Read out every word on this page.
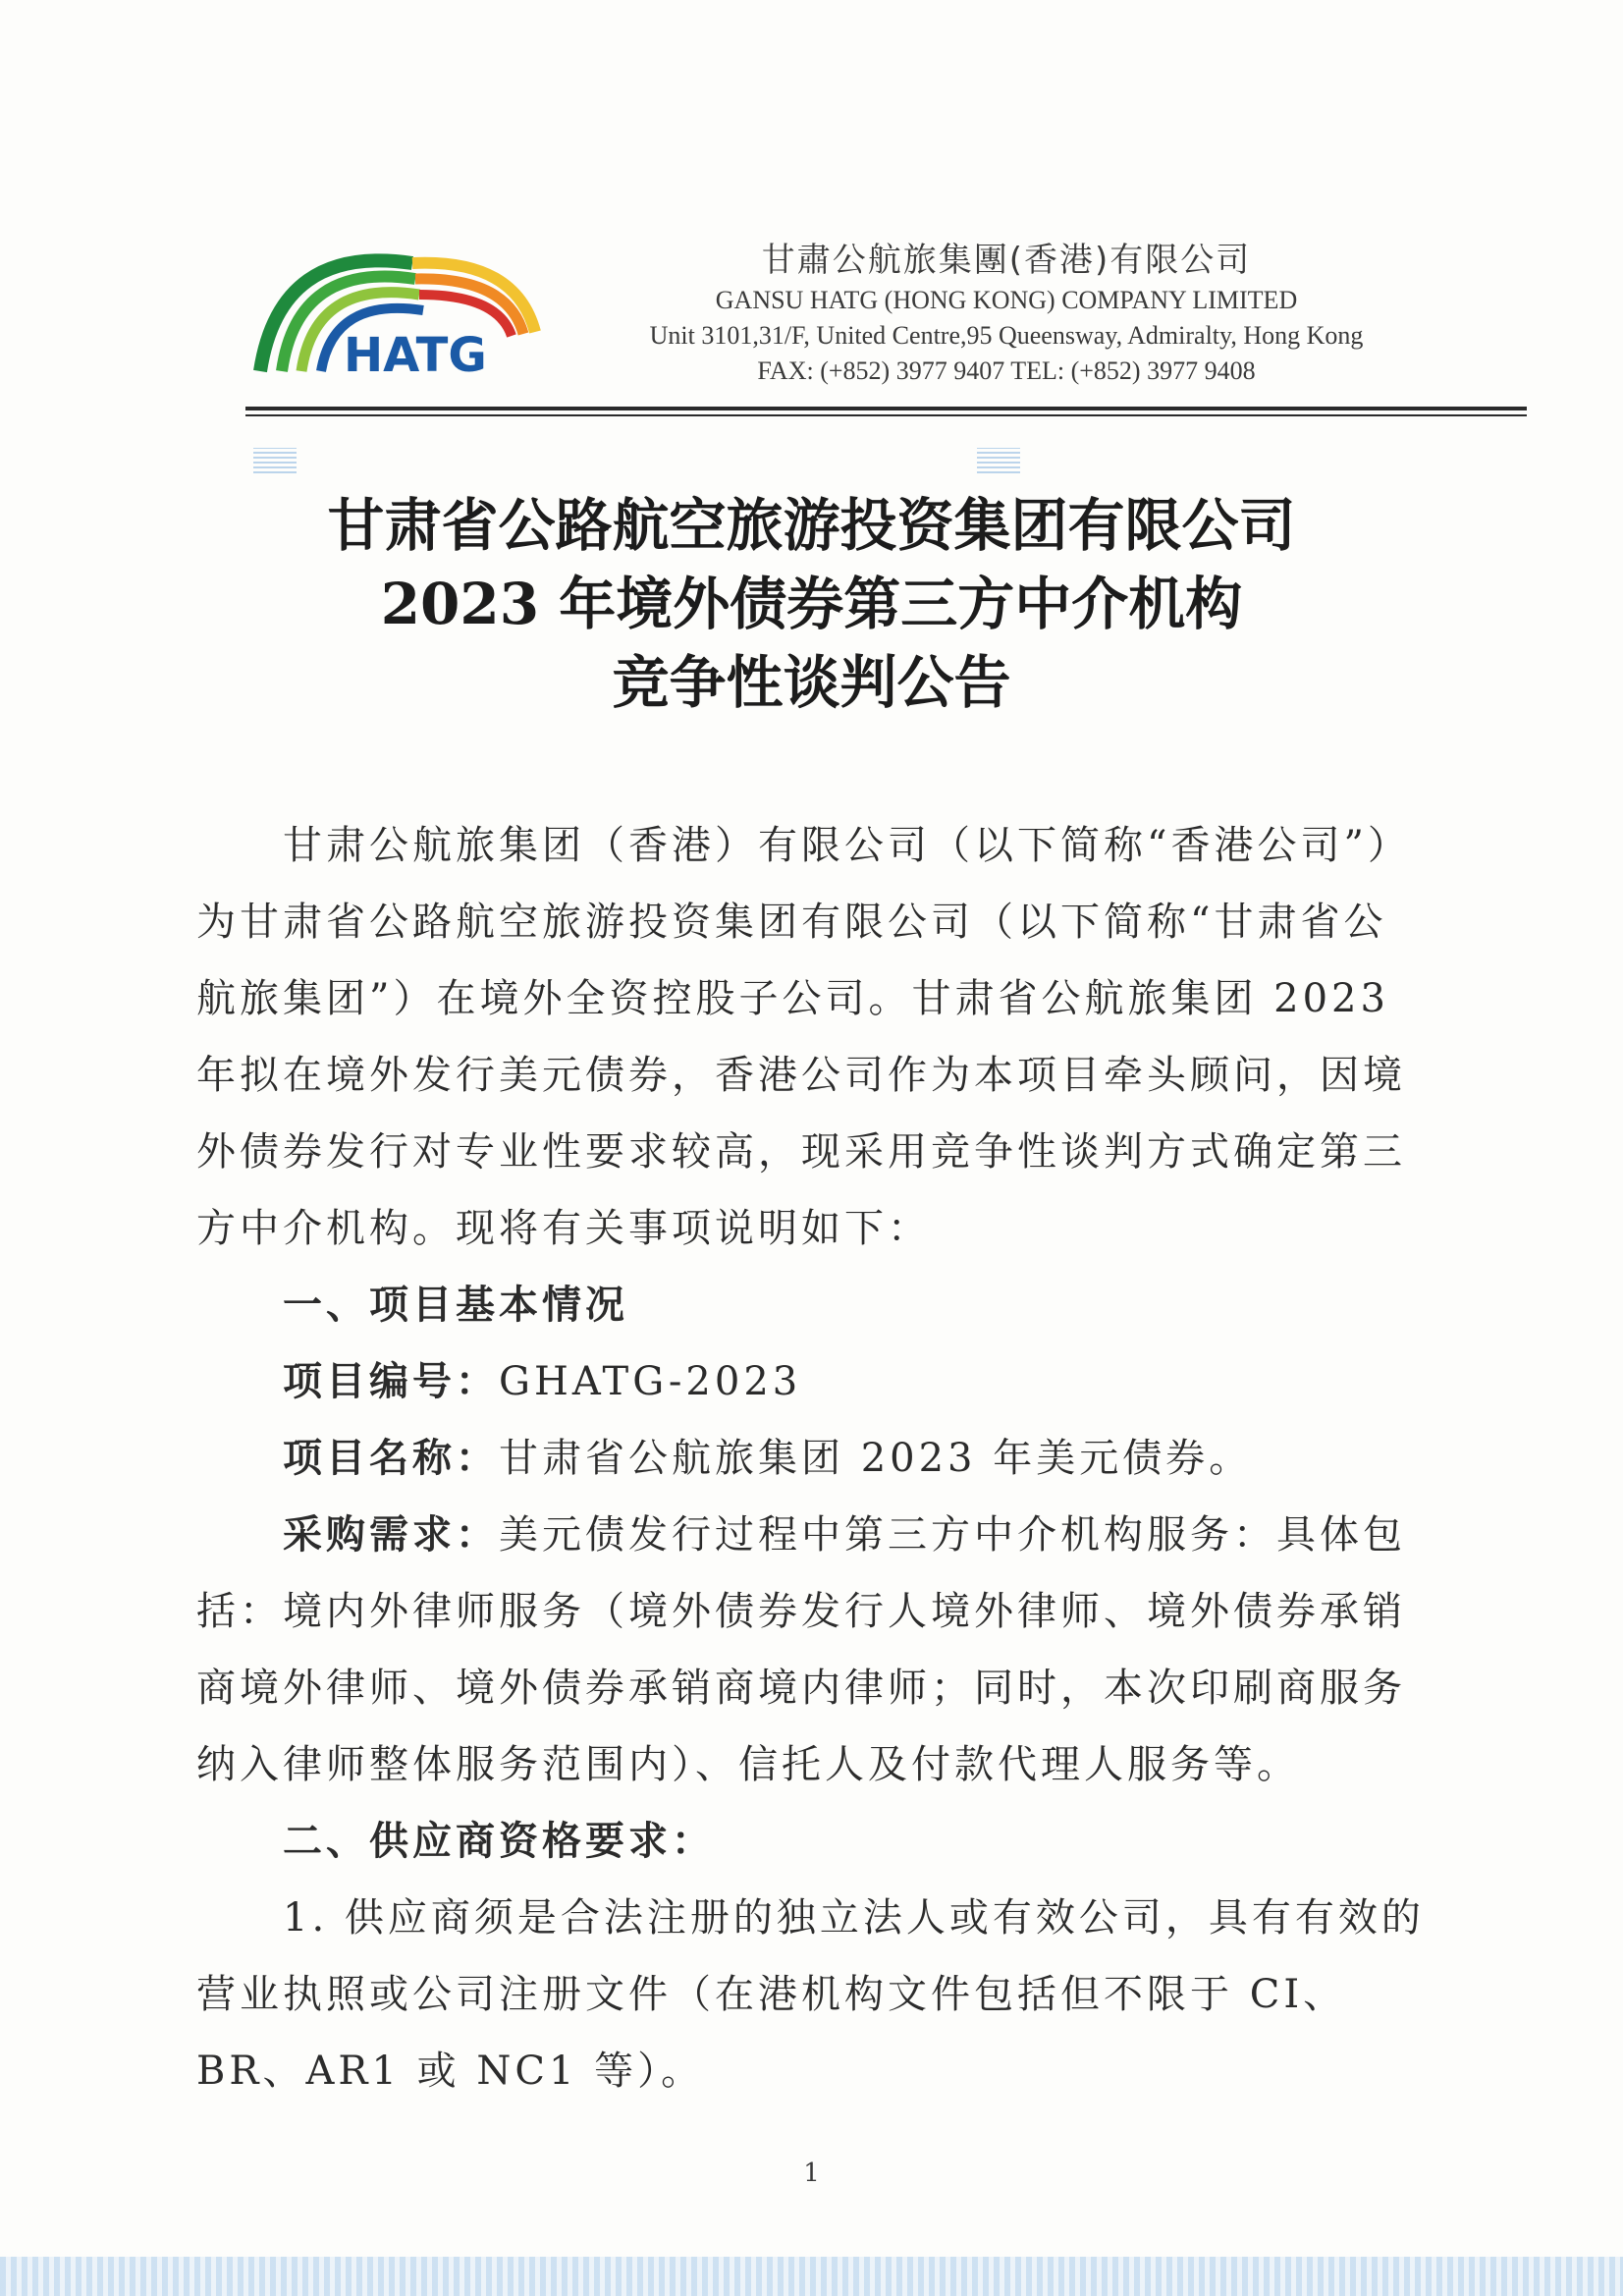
HATG
甘肅公航旅集團(香港)有限公司
GANSU HATG (HONG KONG) COMPANY LIMITED
Unit 3101,31/F, United Centre,95 Queensway, Admiralty, Hong Kong
FAX: (+852) 3977 9407 TEL: (+852) 3977 9408
甘肃省公路航空旅游投资集团有限公司
2023 年境外债券第三方中介机构
竞争性谈判公告

甘肃公航旅集团（香港）有限公司（以下简称“香港公司”）为甘肃省公路航空旅游投资集团有限公司（以下简称“甘肃省公航旅集团”）在境外全资控股子公司。甘肃省公航旅集团 2023 年拟在境外发行美元债券，香港公司作为本项目牵头顾问，因境外债券发行对专业性要求较高，现采用竞争性谈判方式确定第三方中介机构。现将有关事项说明如下：

一、项目基本情况

项目编号：GHATG-2023

项目名称：甘肃省公航旅集团 2023 年美元债券。

采购需求：美元债发行过程中第三方中介机构服务：具体包括：境内外律师服务（境外债券发行人境外律师、境外债券承销商境外律师、境外债券承销商境内律师；同时，本次印刷商服务纳入律师整体服务范围内）、信托人及付款代理人服务等。

二、供应商资格要求：

1. 供应商须是合法注册的独立法人或有效公司，具有有效的营业执照或公司注册文件（在港机构文件包括但不限于 CI、BR、AR1 或 NC1 等）。

1
